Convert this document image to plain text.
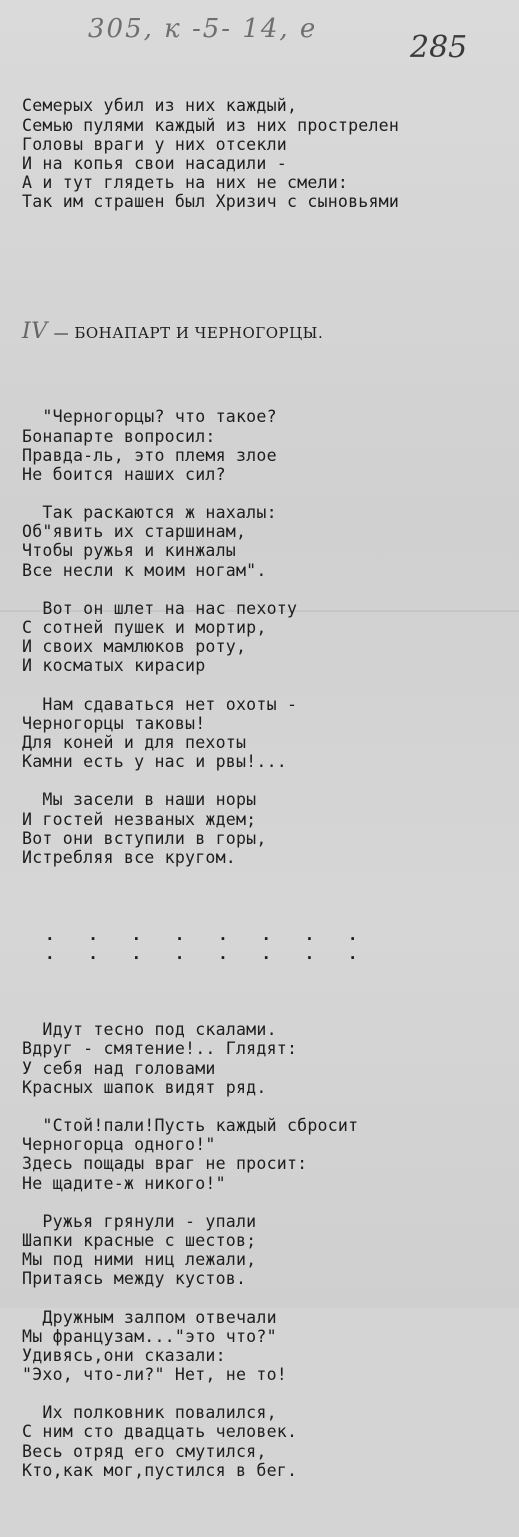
305, к -5- 14, е
285

Семерых убил из них каждый,
Семью пулями каждый из них прострелен
Головы враги у них отсекли
И на копья свои насадили -
А и тут глядеть на них не смели:
Так им страшен был Хризич с сыновьями

IV — БОНАПАРТ И ЧЕРНОГОРЦЫ.

"Черногорцы? что такое?
Бонапарте вопросил:
Правда-ль, это племя злое
Не боится наших сил?
Так раскаются ж нахалы:
Об"явить их старшинам,
Чтобы ружья и кинжалы
Все несли к моим ногам".
Вот он шлет на нас пехоту
С сотней пушек и мортир,
И своих мамлюков роту,
И косматых кирасир
Нам сдаваться нет охоты -
Черногорцы таковы!
Для коней и для пехоты
Камни есть у нас и рвы!...
Мы засели в наши норы
И гостей незваных ждем;
Вот они вступили в горы,
Истребляя все кругом.

. . . . . . . .
. . . . . . . .

Идут тесно под скалами.
Вдруг - смятение!.. Глядят:
У себя над головами
Красных шапок видят ряд.
"Стой!пали!Пусть каждый сбросит
Черногорца одного!"
Здесь пощады враг не просит:
Не щадите-ж никого!"
Ружья грянули - упали
Шапки красные с шестов;
Мы под ними ниц лежали,
Притаясь между кустов.
Дружным залпом отвечали
Мы французам..."это что?"
Удивясь,они сказали:
"Эхо, что-ли?" Нет, не то!
Их полковник повалился,
С ним сто двадцать человек.
Весь отряд его смутился,
Кто,как мог,пустился в бег.
